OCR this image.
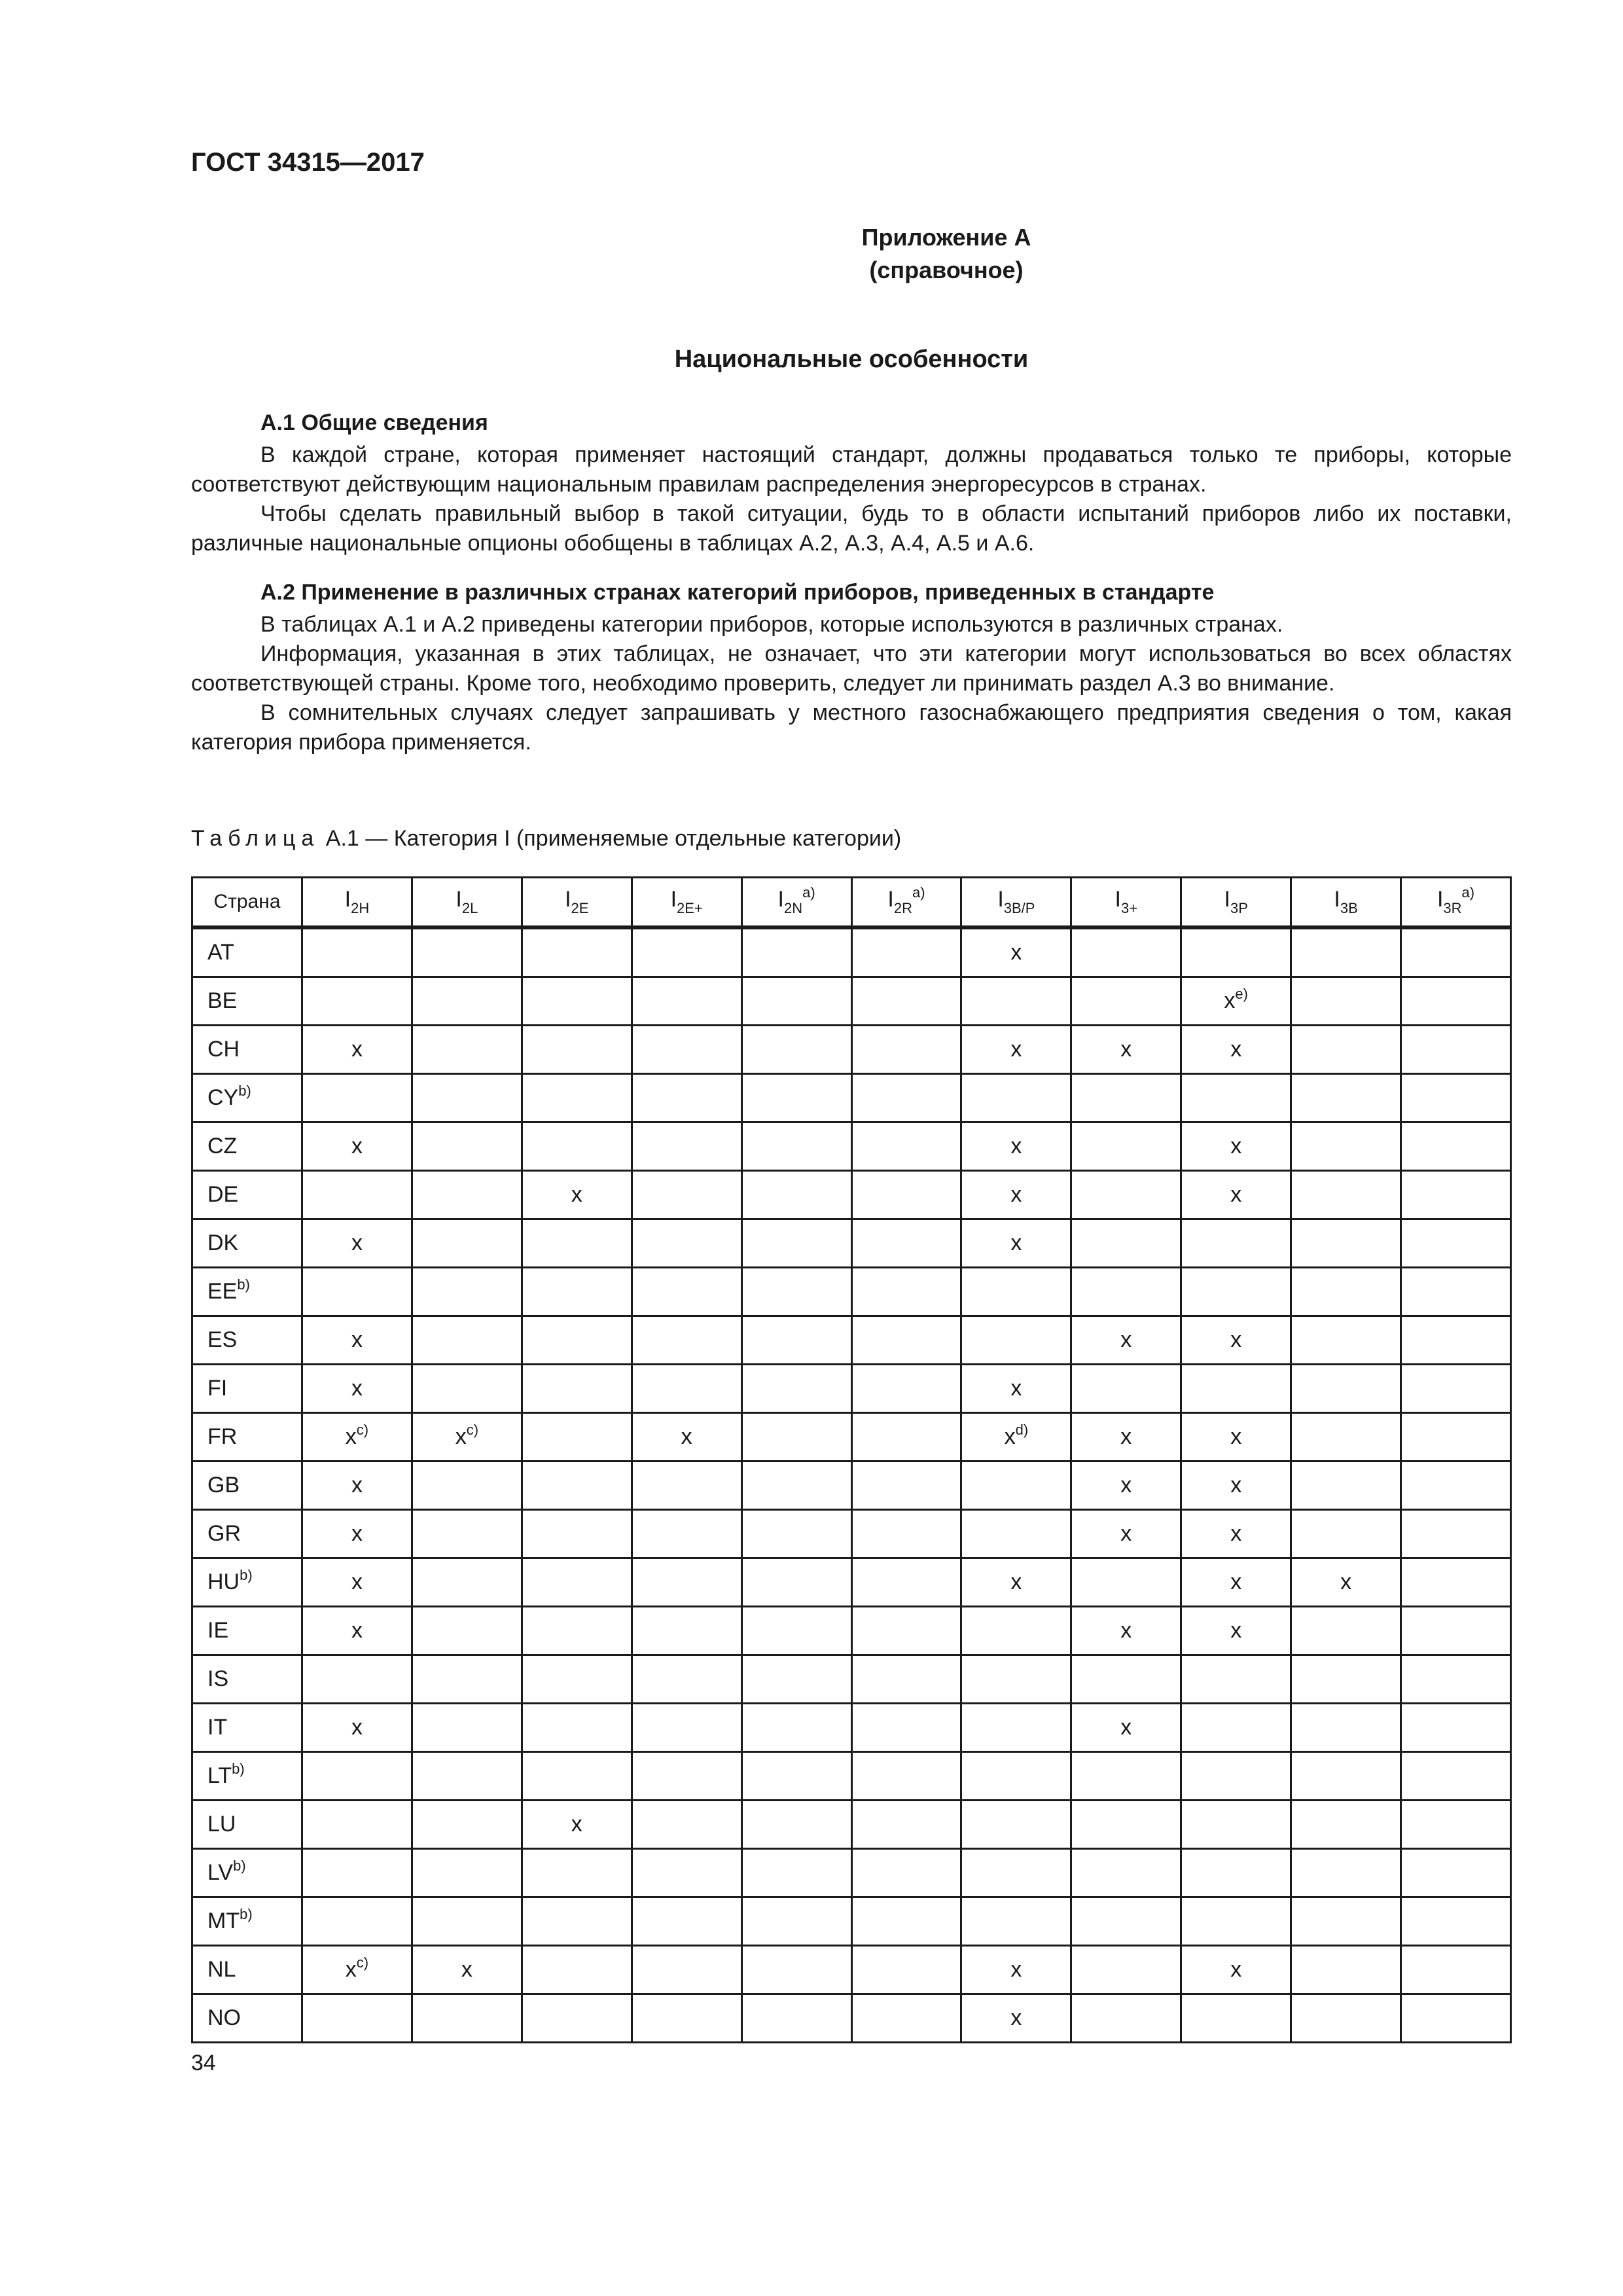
ГОСТ 34315—2017
Приложение А
(справочное)
Национальные особенности
А.1 Общие сведения

В каждой стране, которая применяет настоящий стандарт, должны продаваться только те приборы, которые соответствуют действующим национальным правилам распределения энергоресурсов в странах.

Чтобы сделать правильный выбор в такой ситуации, будь то в области испытаний приборов либо их поставки, различные национальные опционы обобщены в таблицах А.2, А.3, А.4, А.5 и А.6.

А.2 Применение в различных странах категорий приборов, приведенных в стандарте

В таблицах А.1 и А.2 приведены категории приборов, которые используются в различных странах.

Информация, указанная в этих таблицах, не означает, что эти категории могут использоваться во всех областях соответствующей страны. Кроме того, необходимо проверить, следует ли принимать раздел А.3 во внимание.

В сомнительных случаях следует запрашивать у местного газоснабжающего предприятия сведения о том, какая категория прибора применяется.

Таблица А.1 — Категория I (применяемые отдельные категории)
Страна	$I_{2H}$	$I_{2L}$	$I_{2E}$	$I_{2E+}$	$I_{2N}^{a)}$	$I_{2R}^{a)}$	$I_{3B/P}$	$I_{3+}$	$I_{3P}$	$I_{3B}$	$I_{3R}^{a)}$
AT							x				
BE									$x^{e)}$		
CH	x						x	x	x		
CY$^{b)}$											
CZ	x						x		x		
DE			x				x		x		
DK	x						x				
EE$^{b)}$											
ES	x							x	x		
FI	x						x				
FR	$x^{c)}$	$x^{c)}$		x			$x^{d)}$	x	x		
GB	x							x	x		
GR	x							x	x		
HU$^{b)}$	x						x		x	x	
IE	x							x	x		
IS											
IT	x							x			
LT$^{b)}$											
LU			x								
LV$^{b)}$											
MT$^{b)}$											
NL	$x^{c)}$	x					x		x		
NO							x				
34
